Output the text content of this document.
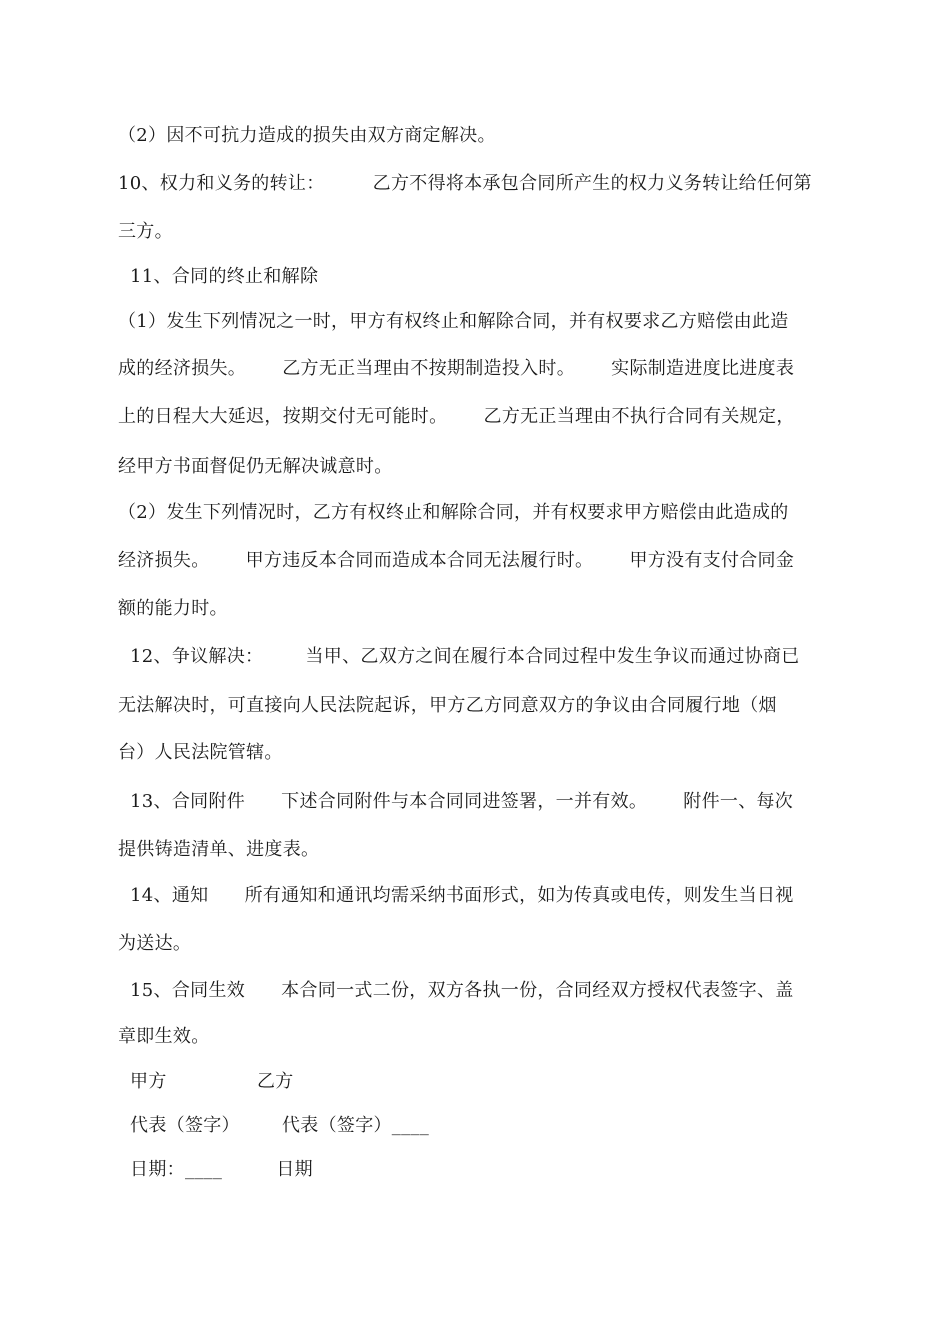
（2）因不可抗力造成的损失由双方商定解决。
10、权力和义务的转让：        乙方不得将本承包合同所产生的权力义务转让给任何第
三方。
11、合同的终止和解除
（1）发生下列情况之一时，甲方有权终止和解除合同，并有权要求乙方赔偿由此造
成的经济损失。      乙方无正当理由不按期制造投入时。      实际制造进度比进度表
上的日程大大延迟，按期交付无可能时。      乙方无正当理由不执行合同有关规定，
经甲方书面督促仍无解决诚意时。
（2）发生下列情况时，乙方有权终止和解除合同，并有权要求甲方赔偿由此造成的
经济损失。      甲方违反本合同而造成本合同无法履行时。      甲方没有支付合同金
额的能力时。
12、争议解决：       当甲、乙双方之间在履行本合同过程中发生争议而通过协商已
无法解决时，可直接向人民法院起诉，甲方乙方同意双方的争议由合同履行地（烟
台）人民法院管辖。
13、合同附件      下述合同附件与本合同同进签署，一并有效。      附件一、每次
提供铸造清单、进度表。
14、通知      所有通知和通讯均需采纳书面形式，如为传真或电传，则发生当日视
为送达。
15、合同生效      本合同一式二份，双方各执一份，合同经双方授权代表签字、盖
章即生效。
甲方               乙方
代表（签字）       代表（签字）____
日期：____         日期
